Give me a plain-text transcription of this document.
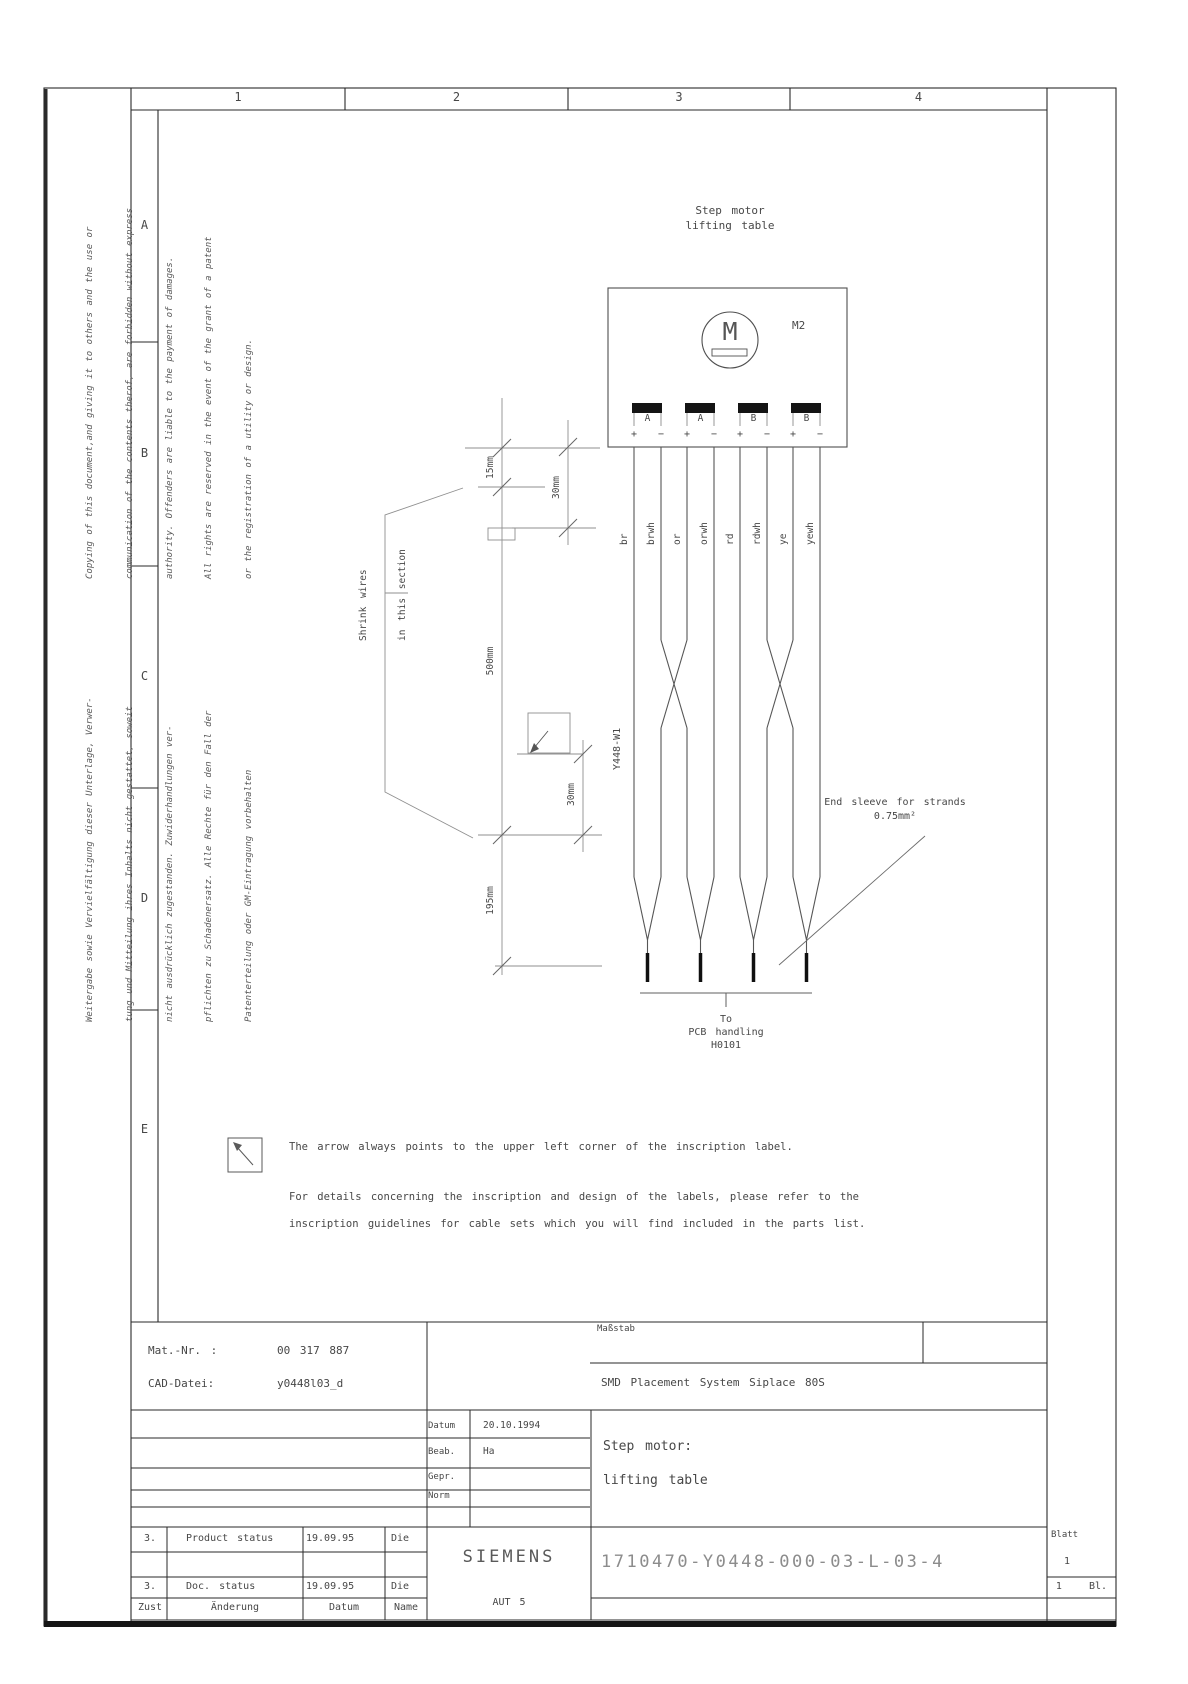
1	2	3	4
A
B
C
D
E

Copying of this document,and giving it to others and the use or

	communication of the contents therof, are forbidden without express

	authority. Offenders are liable to the payment of damages.

	All rights are reserved in the event of the grant of a patent

	or the registration of a utility or design.

Weitergabe sowie Vervielfältigung dieser Unterlage, Verwer-

	tung und Mitteilung ihres Inhalts nicht gestattet, soweit

	nicht ausdrücklich zugestanden. Zuwiderhandlungen ver-

	pflichten zu Schadenersatz. Alle Rechte für den Fall der

	Patenterteilung oder GM-Eintragung vorbehalten

Step motor
lifting table
M2
M
A	A	B	B
+ − + − + − + −
br brwh or orwh rd rdwh ye yewh
Y448-W1
15mm
30mm
500mm
30mm
195mm

Shrink wires

	in this section

End sleeve for strands
0.75mm²
To
PCB handling
H0101
The arrow always points to the upper left corner of the inscription label.
For details concerning the inscription and design of the labels, please refer to the
inscription guidelines for cable sets which you will find included in the parts list.
Mat.-Nr. :	00 317 887
CAD-Datei:	y0448l03_d
Maßstab
SMD Placement System Siplace 80S
Datum	20.10.1994
Beab.	Ha
Gepr.
Norm
Step motor:
lifting table
3.	Product status	19.09.95	Die
3.	Doc. status	19.09.95	Die
Zust	Änderung	Datum	Name
SIEMENS
AUT 5
1710470-Y0448-000-03-L-03-4
Blatt
1
1   Bl.
